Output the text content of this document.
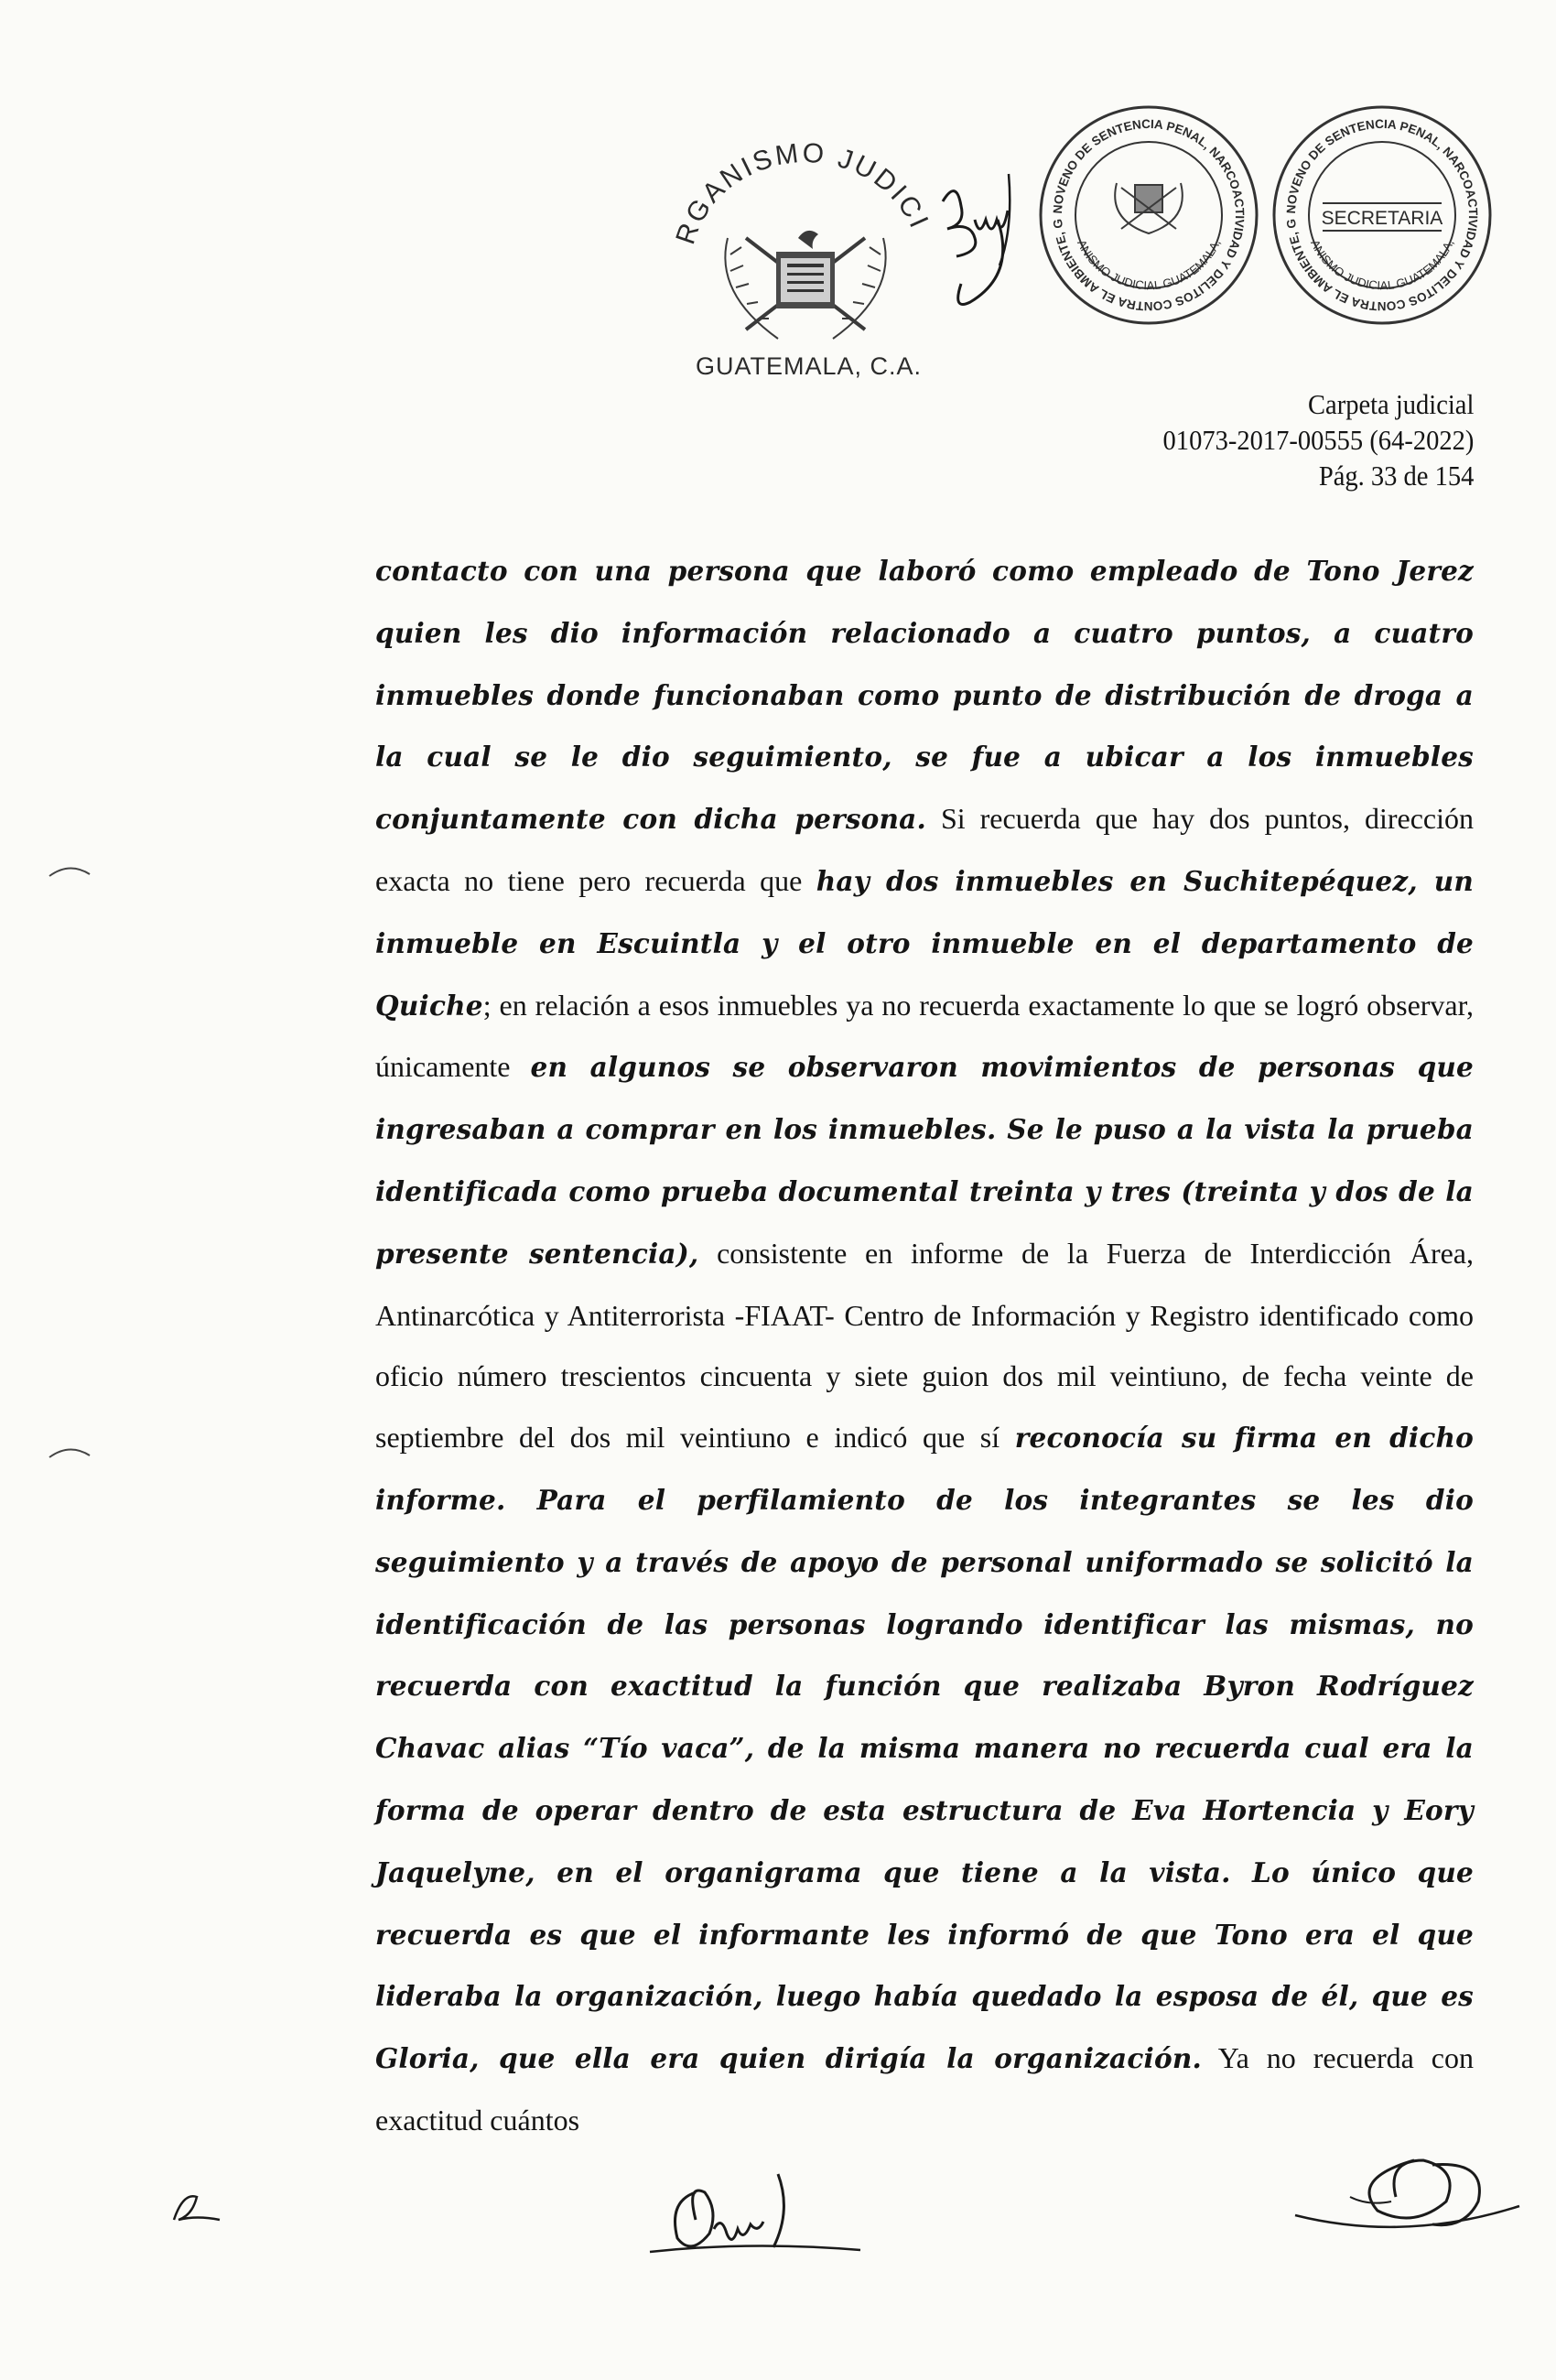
RGANISMO JUDICI
GUATEMALA, C.A.
NOVENO DE SENTENCIA PENAL, NARCOACTIVIDAD Y DELITOS CONTRA EL AMBIENTE, G
ANISMO JUDICIAL GUATEMALA,
NOVENO DE SENTENCIA PENAL, NARCOACTIVIDAD Y DELITOS CONTRA EL AMBIENTE, G	SECRETARIA
ANISMO JUDICIAL GUATEMALA,
Carpeta judicial
01073-2017-00555 (64-2022)
Pág. 33 de 154
contacto con una persona que laboró como empleado de Tono Jerez quien les dio información relacionado a cuatro puntos, a cuatro inmuebles donde funcionaban como punto de distribución de droga a la cual se le dio seguimiento, se fue a ubicar a los inmuebles conjuntamente con dicha persona. Si recuerda que hay dos puntos, dirección exacta no tiene pero recuerda que hay dos inmuebles en Suchitepéquez, un inmueble en Escuintla y el otro inmueble en el departamento de Quiche; en relación a esos inmuebles ya no recuerda exactamente lo que se logró observar, únicamente en algunos se observaron movimientos de personas que ingresaban a comprar en los inmuebles. Se le puso a la vista la prueba identificada como prueba documental treinta y tres (treinta y dos de la presente sentencia), consistente en informe de la Fuerza de Interdicción Área, Antinarcótica y Antiterrorista -FIAAT- Centro de Información y Registro identificado como oficio número trescientos cincuenta y siete guion dos mil veintiuno, de fecha veinte de septiembre del dos mil veintiuno e indicó que sí reconocía su firma en dicho informe. Para el perfilamiento de los integrantes se les dio seguimiento y a través de apoyo de personal uniformado se solicitó la identificación de las personas logrando identificar las mismas, no recuerda con exactitud la función que realizaba Byron Rodríguez Chavac alias “Tío vaca”, de la misma manera no recuerda cual era la forma de operar dentro de esta estructura de Eva Hortencia y Eory Jaquelyne, en el organigrama que tiene a la vista. Lo único que recuerda es que el informante les informó de que Tono era el que lideraba la organización, luego había quedado la esposa de él, que es Gloria, que ella era quien dirigía la organización. Ya no recuerda con exactitud cuántos
